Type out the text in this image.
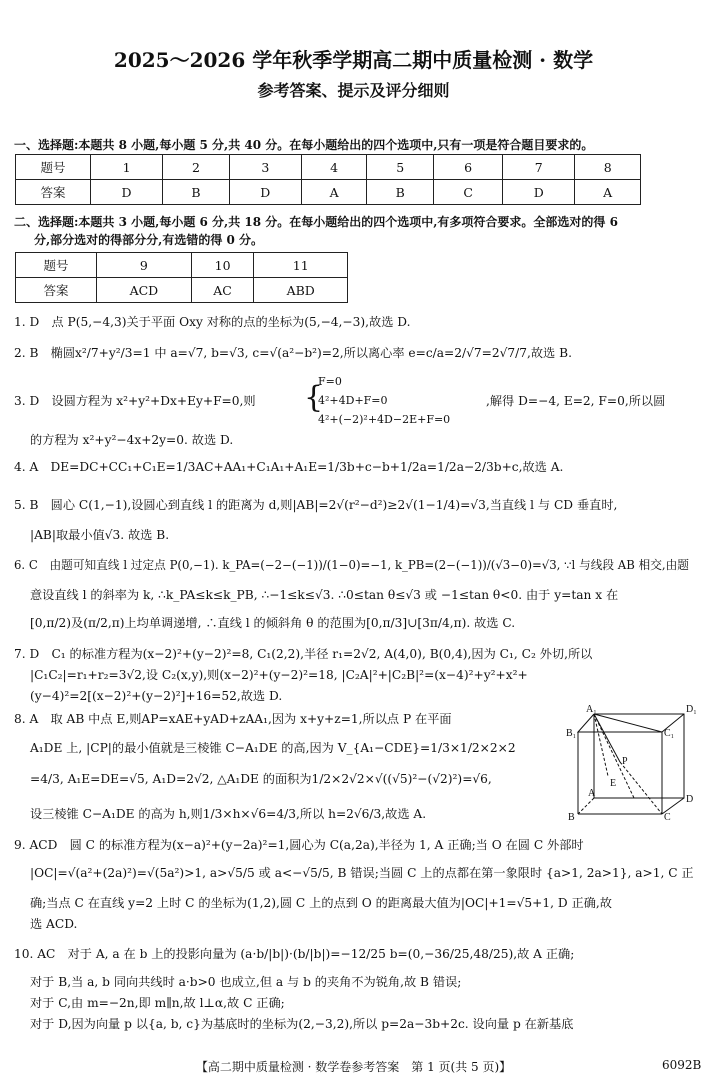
2025～2026 学年秋季学期高二期中质量检测 · 数学
参考答案、提示及评分细则
一、选择题:本题共 8 小题,每小题 5 分,共 40 分。在每小题给出的四个选项中,只有一项是符合题目要求的。
题号	1	2	3	4	5	6	7	8
答案	D	B	D	A	B	C	D	A
二、选择题:本题共 3 小题,每小题 6 分,共 18 分。在每小题给出的四个选项中,有多项符合要求。全部选对的得 6
分,部分选对的得部分分,有选错的得 0 分。
题号	9	10	11
答案	ACD	AC	ABD
1. D　点 P(5,−4,3)关于平面 Oxy 对称的点的坐标为(5,−4,−3),故选 D.
2. B　椭圆x²/7+y²/3=1 中 a=√7, b=√3, c=√(a²−b²)=2,所以离心率 e=c/a=2/√7=2√7/7,故选 B.
3. D　设圆方程为 x²+y²+Dx+Ey+F=0,则 {
F=0
4²+4D+F=0
4²+(−2)²+4D−2E+F=0
,解得 D=−4, E=2, F=0,所以圆
的方程为 x²+y²−4x+2y=0. 故选 D.
4. A　DE=DC+CC₁+C₁E=1/3AC+AA₁+C₁A₁+A₁E=1/3b+c−b+1/2a=1/2a−2/3b+c,故选 A.
5. B　圆心 C(1,−1),设圆心到直线 l 的距离为 d,则|AB|=2√(r²−d²)≥2√(1−1/4)=√3,当直线 l 与 CD 垂直时,
|AB|取最小值√3. 故选 B.
6. C　由题可知直线 l 过定点 P(0,−1). k_PA=(−2−(−1))/(1−0)=−1, k_PB=(2−(−1))/(√3−0)=√3, ∵l 与线段 AB 相交,由题
意设直线 l 的斜率为 k, ∴k_PA≤k≤k_PB, ∴−1≤k≤√3. ∴0≤tan θ≤√3 或 −1≤tan θ<0. 由于 y=tan x 在
[0,π/2)及(π/2,π)上均单调递增, ∴直线 l 的倾斜角 θ 的范围为[0,π/3]∪[3π/4,π). 故选 C.
7. D　C₁ 的标准方程为(x−2)²+(y−2)²=8, C₁(2,2),半径 r₁=2√2, A(4,0), B(0,4),因为 C₁, C₂ 外切,所以
|C₁C₂|=r₁+r₂=3√2,设 C₂(x,y),则(x−2)²+(y−2)²=18, |C₂A|²+|C₂B|²=(x−4)²+y²+x²+
(y−4)²=2[(x−2)²+(y−2)²]+16=52,故选 D.
8. A　取 AB 中点 E,则AP=xAE+yAD+zAA₁,因为 x+y+z=1,所以点 P 在平面
A₁DE 上, |CP|的最小值就是三棱锥 C−A₁DE 的高,因为 V_{A₁−CDE}=1/3×1/2×2×2
=4/3, A₁E=DE=√5, A₁D=2√2, △A₁DE 的面积为1/2×2√2×√((√5)²−(√2)²)=√6,
设三棱锥 C−A₁DE 的高为 h,则1/3×h×√6=4/3,所以 h=2√6/3,故选 A.
A₁	D₁
B₁	C₁
A
D
B	C
P
E
9. ACD　圆 C 的标准方程为(x−a)²+(y−2a)²=1,圆心为 C(a,2a),半径为 1, A 正确;当 O 在圆 C 外部时
|OC|=√(a²+(2a)²)=√(5a²)>1, a>√5/5 或 a<−√5/5, B 错误;当圆 C 上的点都在第一象限时 {a>1, 2a>1}, a>1, C 正
确;当点 C 在直线 y=2 上时 C 的坐标为(1,2),圆 C 上的点到 O 的距离最大值为|OC|+1=√5+1, D 正确,故
选 ACD.
10. AC　对于 A, a 在 b 上的投影向量为 (a·b/|b|)·(b/|b|)=−12/25 b=(0,−36/25,48/25),故 A 正确;
对于 B,当 a, b 同向共线时 a·b>0 也成立,但 a 与 b 的夹角不为锐角,故 B 错误;
对于 C,由 m=−2n,即 m∥n,故 l⊥α,故 C 正确;
对于 D,因为向量 p 以{a, b, c}为基底时的坐标为(2,−3,2),所以 p=2a−3b+2c. 设向量 p 在新基底
【高二期中质量检测 · 数学卷参考答案　第 1 页(共 5 页)】	6092B
